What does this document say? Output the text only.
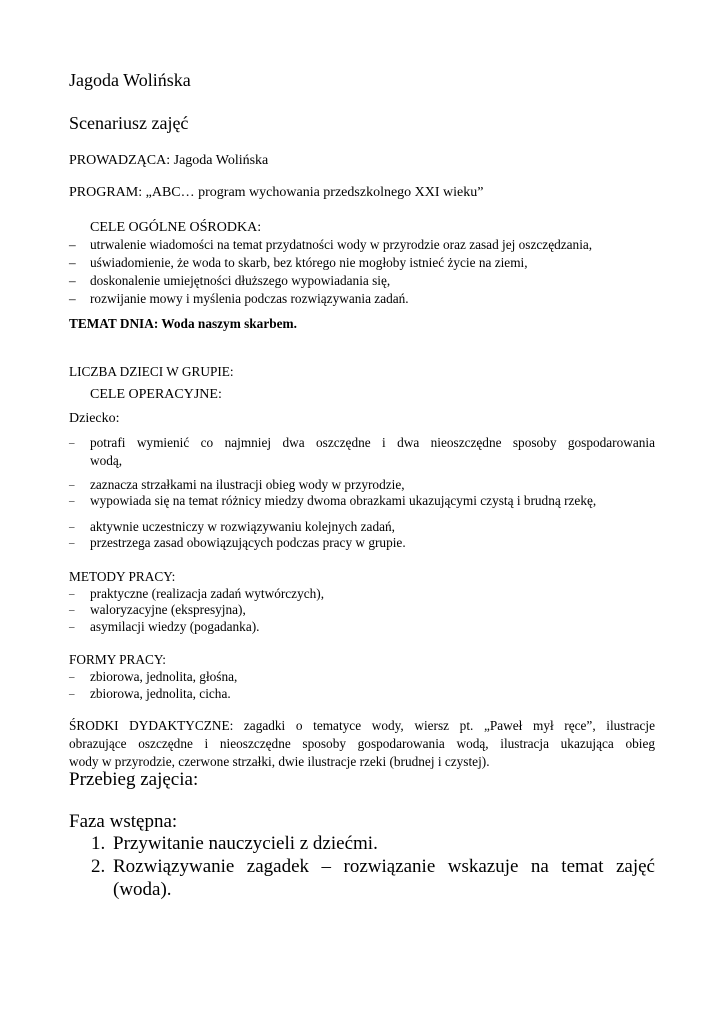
Jagoda Wolińska
Scenariusz zajęć
PROWADZĄCA: Jagoda Wolińska
PROGRAM: „ABC… program wychowania przedszkolnego XXI wieku”
CELE OGÓLNE OŚRODKA:
– utrwalenie wiadomości na temat przydatności wody w przyrodzie oraz zasad jej oszczędzania,
– uświadomienie, że woda to skarb, bez którego nie mogłoby istnieć życie na ziemi,
– doskonalenie umiejętności dłuższego wypowiadania się,
– rozwijanie mowy i myślenia podczas rozwiązywania zadań.
TEMAT DNIA: Woda naszym skarbem.
LICZBA DZIECI W GRUPIE:
CELE OPERACYJNE:
Dziecko:
– potrafi wymienić co najmniej dwa oszczędne i dwa nieoszczędne sposoby gospodarowania
wodą,
– zaznacza strzałkami na ilustracji obieg wody w przyrodzie,
– wypowiada się na temat różnicy miedzy dwoma obrazkami ukazującymi czystą i brudną rzekę,
– aktywnie uczestniczy w rozwiązywaniu kolejnych zadań,
– przestrzega zasad obowiązujących podczas pracy w grupie.
METODY PRACY:
– praktyczne (realizacja zadań wytwórczych),
– waloryzacyjne (ekspresyjna),
– asymilacji wiedzy (pogadanka).
FORMY PRACY:
– zbiorowa, jednolita, głośna,
– zbiorowa, jednolita, cicha.
ŚRODKI DYDAKTYCZNE: zagadki o tematyce wody, wiersz pt. „Paweł mył ręce”, ilustracje
obrazujące oszczędne i nieoszczędne sposoby gospodarowania wodą, ilustracja ukazująca obieg
wody w przyrodzie, czerwone strzałki, dwie ilustracje rzeki (brudnej i czystej).
Przebieg zajęcia:
Faza wstępna:
1. Przywitanie nauczycieli z dziećmi.
2. Rozwiązywanie zagadek – rozwiązanie wskazuje na temat zajęć
(woda).
